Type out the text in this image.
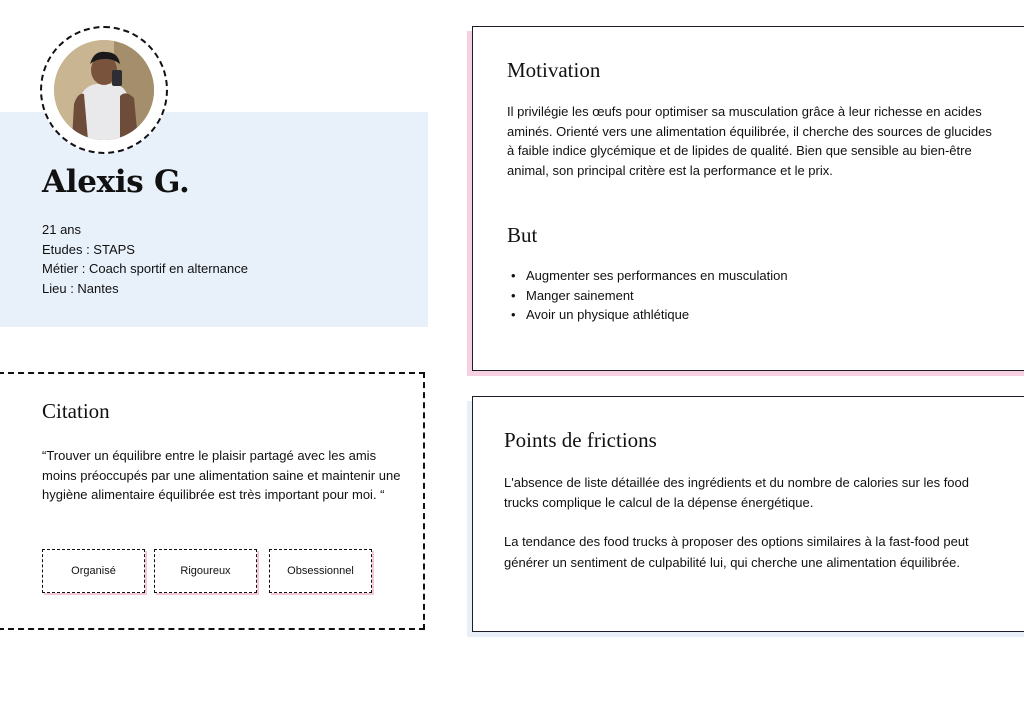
Alexis G.
21 ans
Etudes : STAPS
Métier : Coach sportif en alternance
Lieu : Nantes
Citation

“Trouver un équilibre entre le plaisir partagé avec les amis moins préoccupés par une alimentation saine et maintenir une hygiène alimentaire équilibrée est très important pour moi. “

Organisé	Rigoureux	Obsessionnel
Motivation

Il privilégie les œufs pour optimiser sa musculation grâce à leur richesse en acides aminés. Orienté vers une alimentation équilibrée, il cherche des sources de glucides à faible indice glycémique et de lipides de qualité. Bien que sensible au bien-être animal, son principal critère est la performance et le prix.

But
• Augmenter ses performances en musculation
• Manger sainement
• Avoir un physique athlétique
Points de frictions

L'absence de liste détaillée des ingrédients et du nombre de calories sur les food trucks complique le calcul de la dépense énergétique.

La tendance des food trucks à proposer des options similaires à la fast-food peut générer un sentiment de culpabilité lui, qui cherche une alimentation équilibrée.
